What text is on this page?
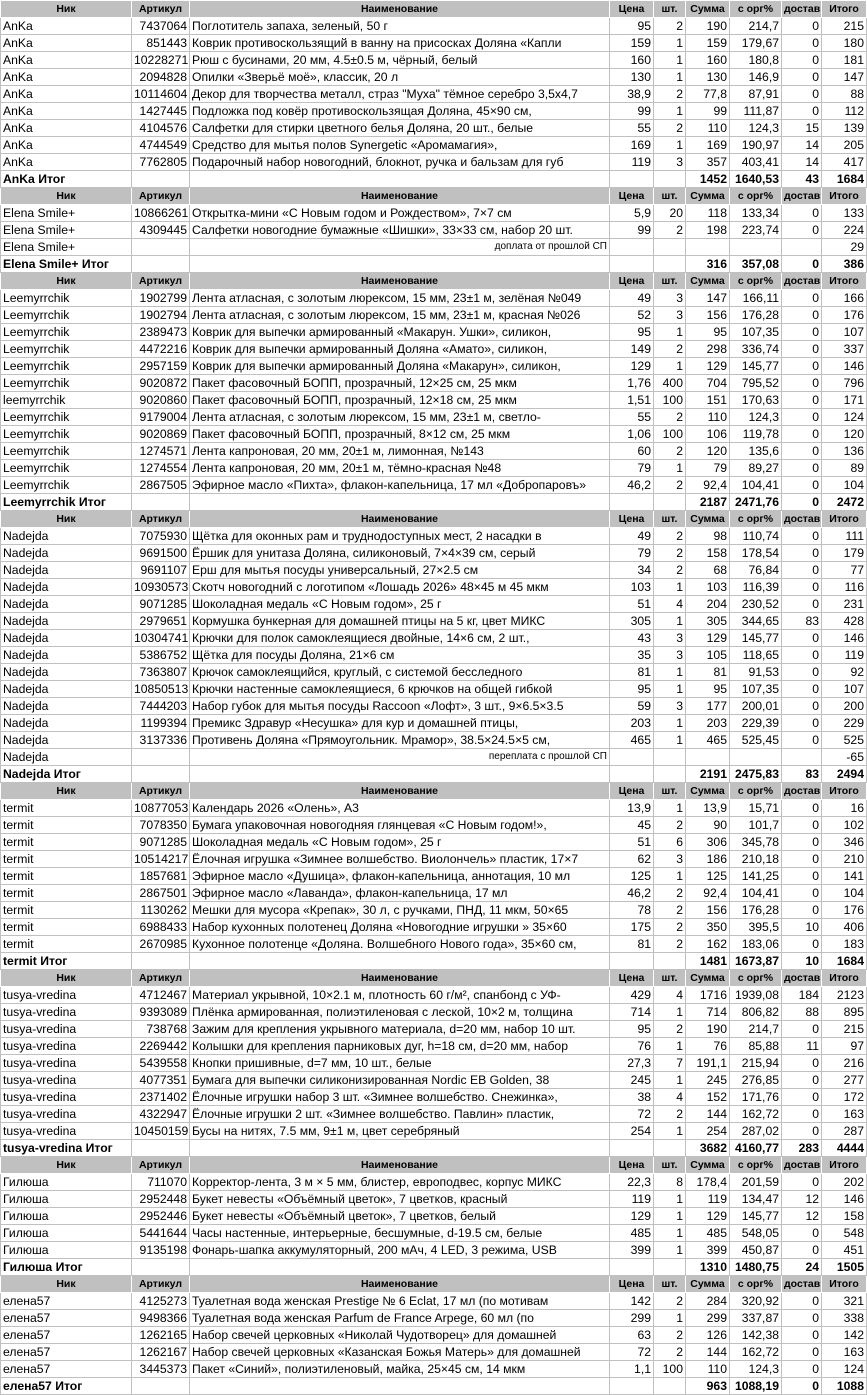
Ник	Артикул	Наименование	Цена	шт.	Сумма	с орг%	достав	Итого
AnKa	7437064	Поглотитель запаха, зеленый, 50 г	95	2	190	214,7	0	215
AnKa	851443	Коврик противоскользящий в ванну на присосках Доляна «Капли	159	1	159	179,67	0	180
AnKa	10228271	Рюш с бусинами, 20 мм, 4.5±0.5 м, чёрный, белый	160	1	160	180,8	0	181
AnKa	2094828	Опилки «Зверьё моё», классик, 20 л	130	1	130	146,9	0	147
AnKa	10114604	Декор для творчества металл, страз "Муха" тёмное серебро 3,5х4,7	38,9	2	77,8	87,91	0	88
AnKa	1427445	Подложка под ковёр противоскользящая Доляна, 45×90 см,	99	1	99	111,87	0	112
AnKa	4104576	Салфетки для стирки цветного белья Доляна, 20 шт., белые	55	2	110	124,3	15	139
AnKa	4744549	Средство для мытья полов Synergetic «Аромамагия»,	169	1	169	190,97	14	205
AnKa	7762805	Подарочный набор новогодний, блокнот, ручка и бальзам для губ	119	3	357	403,41	14	417
AnKa Итог					1452	1640,53	43	1684
Ник	Артикул	Наименование	Цена	шт.	Сумма	с орг%	достав	Итого
Elena Smile+	10866261	Открытка-мини «С Новым годом и Рождеством», 7×7 см	5,9	20	118	133,34	0	133
Elena Smile+	4309445	Салфетки новогодние бумажные «Шишки», 33×33 см, набор 20 шт.	99	2	198	223,74	0	224
Elena Smile+		доплата от прошлой СП						29
Elena Smile+ Итог					316	357,08	0	386
Ник	Артикул	Наименование	Цена	шт.	Сумма	с орг%	достав	Итого
Leemyrrchik	1902799	Лента атласная, с золотым люрексом, 15 мм, 23±1 м, зелёная №049	49	3	147	166,11	0	166
Leemyrrchik	1902794	Лента атласная, с золотым люрексом, 15 мм, 23±1 м, красная №026	52	3	156	176,28	0	176
Leemyrrchik	2389473	Коврик для выпечки армированный «Макарун. Ушки», силикон,	95	1	95	107,35	0	107
Leemyrrchik	4472216	Коврик для выпечки армированный Доляна «Амато», силикон,	149	2	298	336,74	0	337
Leemyrrchik	2957159	Коврик для выпечки армированный Доляна «Макарун», силикон,	129	1	129	145,77	0	146
Leemyrrchik	9020872	Пакет фасовочный БОПП, прозрачный, 12×25 см, 25 мкм	1,76	400	704	795,52	0	796
leemyrrchik	9020860	Пакет фасовочный БОПП, прозрачный, 12×18 см, 25 мкм	1,51	100	151	170,63	0	171
Leemyrrchik	9179004	Лента атласная, с золотым люрексом, 15 мм, 23±1 м, светло-	55	2	110	124,3	0	124
Leemyrrchik	9020869	Пакет фасовочный БОПП, прозрачный, 8×12 см, 25 мкм	1,06	100	106	119,78	0	120
Leemyrrchik	1274571	Лента капроновая, 20 мм, 20±1 м, лимонная, №143	60	2	120	135,6	0	136
Leemyrrchik	1274554	Лента капроновая, 20 мм, 20±1 м, тёмно-красная №48	79	1	79	89,27	0	89
Leemyrrchik	2867505	Эфирное масло «Пихта», флакон-капельница, 17 мл «Добропаровъ»	46,2	2	92,4	104,41	0	104
Leemyrrchik Итог					2187	2471,76	0	2472
Ник	Артикул	Наименование	Цена	шт.	Сумма	с орг%	достав	Итого
Nadejda	7075930	Щётка для оконных рам и труднодоступных мест, 2 насадки в	49	2	98	110,74	0	111
Nadejda	9691500	Ёршик для унитаза Доляна, силиконовый, 7×4×39 см, серый	79	2	158	178,54	0	179
Nadejda	9691107	Ерш для мытья посуды универсальный, 27×2.5 см	34	2	68	76,84	0	77
Nadejda	10930573	Скотч новогодний с логотипом «Лошадь 2026» 48×45 м 45 мкм	103	1	103	116,39	0	116
Nadejda	9071285	Шоколадная медаль «С Новым годом», 25 г	51	4	204	230,52	0	231
Nadejda	2979651	Кормушка бункерная для домашней птицы на 5 кг, цвет МИКС	305	1	305	344,65	83	428
Nadejda	10304741	Крючки для полок самоклеящиеся двойные, 14×6 см, 2 шт.,	43	3	129	145,77	0	146
Nadejda	5386752	Щётка для посуды Доляна, 21×6 см	35	3	105	118,65	0	119
Nadejda	7363807	Крючок самоклеящийся, круглый, с системой бесследного	81	1	81	91,53	0	92
Nadejda	10850513	Крючки настенные самоклеящиеся, 6 крючков на общей гибкой	95	1	95	107,35	0	107
Nadejda	7444203	Набор губок для мытья посуды Raccoon «Лофт», 3 шт., 9×6.5×3.5	59	3	177	200,01	0	200
Nadejda	1199394	Премикс Здравур «Несушка» для кур и домашней птицы,	203	1	203	229,39	0	229
Nadejda	3137336	Противень Доляна «Прямоугольник. Мрамор», 38.5×24.5×5 см,	465	1	465	525,45	0	525
Nadejda		переплата с прошлой СП						-65
Nadejda Итог					2191	2475,83	83	2494
Ник	Артикул	Наименование	Цена	шт.	Сумма	с орг%	достав	Итого
termit	10877053	Календарь 2026 «Олень», А3	13,9	1	13,9	15,71	0	16
termit	7078350	Бумага упаковочная новогодняя глянцевая «С Новым годом!»,	45	2	90	101,7	0	102
termit	9071285	Шоколадная медаль «С Новым годом», 25 г	51	6	306	345,78	0	346
termit	10514217	Ёлочная игрушка «Зимнее волшебство. Виолончель» пластик, 17×7	62	3	186	210,18	0	210
termit	1857681	Эфирное масло «Душица», флакон-капельница, аннотация, 10 мл	125	1	125	141,25	0	141
termit	2867501	Эфирное масло «Лаванда», флакон-капельница, 17 мл	46,2	2	92,4	104,41	0	104
termit	1130262	Мешки для мусора «Крепак», 30 л, с ручками, ПНД, 11 мкм, 50×65	78	2	156	176,28	0	176
termit	6988433	Набор кухонных полотенец Доляна «Новогодние игрушки » 35×60	175	2	350	395,5	10	406
termit	2670985	Кухонное полотенце «Доляна. Волшебного Нового года», 35×60 см,	81	2	162	183,06	0	183
termit Итог					1481	1673,87	10	1684
Ник	Артикул	Наименование	Цена	шт.	Сумма	с орг%	достав	Итого
tusya-vredina	4712467	Материал укрывной, 10×2.1 м, плотность 60 г/м², спанбонд с УФ-	429	4	1716	1939,08	184	2123
tusya-vredina	9393089	Плёнка армированная, полиэтиленовая с леской, 10×2 м, толщина	714	1	714	806,82	88	895
tusya-vredina	738768	Зажим для крепления укрывного материала, d=20 мм, набор 10 шт.	95	2	190	214,7	0	215
tusya-vredina	2269442	Колышки для крепления парниковых дуг, h=18 см, d=20 мм, набор	76	1	76	85,88	11	97
tusya-vredina	5439558	Кнопки пришивные, d=7 мм, 10 шт., белые	27,3	7	191,1	215,94	0	216
tusya-vredina	4077351	Бумага для выпечки силиконизированная Nordic EB Golden, 38	245	1	245	276,85	0	277
tusya-vredina	2371402	Ёлочные игрушки набор 3 шт. «Зимнее волшебство. Снежинка»,	38	4	152	171,76	0	172
tusya-vredina	4322947	Ёлочные игрушки 2 шт. «Зимнее волшебство. Павлин» пластик,	72	2	144	162,72	0	163
tusya-vredina	10450159	Бусы на нитях, 7.5 мм, 9±1 м, цвет серебряный	254	1	254	287,02	0	287
tusya-vredina Итог					3682	4160,77	283	4444
Ник	Артикул	Наименование	Цена	шт.	Сумма	с орг%	достав	Итого
Гилюша	711070	Корректор-лента, 3 м × 5 мм, блистер, европодвес, корпус МИКС	22,3	8	178,4	201,59	0	202
Гилюша	2952448	Букет невесты «Объёмный цветок», 7 цветков, красный	119	1	119	134,47	12	146
Гилюша	2952446	Букет невесты «Объёмный цветок», 7 цветков, белый	129	1	129	145,77	12	158
Гилюша	5441644	Часы настенные, интерьерные, бесшумные, d-19.5 см, белые	485	1	485	548,05	0	548
Гилюша	9135198	Фонарь-шапка аккумуляторный, 200 мАч, 4 LED, 3 режима, USB	399	1	399	450,87	0	451
Гилюша Итог					1310	1480,75	24	1505
Ник	Артикул	Наименование	Цена	шт.	Сумма	с орг%	достав	Итого
елена57	4125273	Туалетная вода женская Prestige № 6 Eclat, 17 мл (по мотивам	142	2	284	320,92	0	321
елена57	9498366	Туалетная вода женская Parfum de France Arpege, 60 мл (по	299	1	299	337,87	0	338
елена57	1262165	Набор свечей церковных «Николай Чудотворец» для домашней	63	2	126	142,38	0	142
елена57	1262167	Набор свечей церковных «Казанская Божья Матерь» для домашней	72	2	144	162,72	0	163
елена57	3445373	Пакет «Синий», полиэтиленовый, майка, 25×45 см, 14 мкм	1,1	100	110	124,3	0	124
елена57 Итог					963	1088,19	0	1088
